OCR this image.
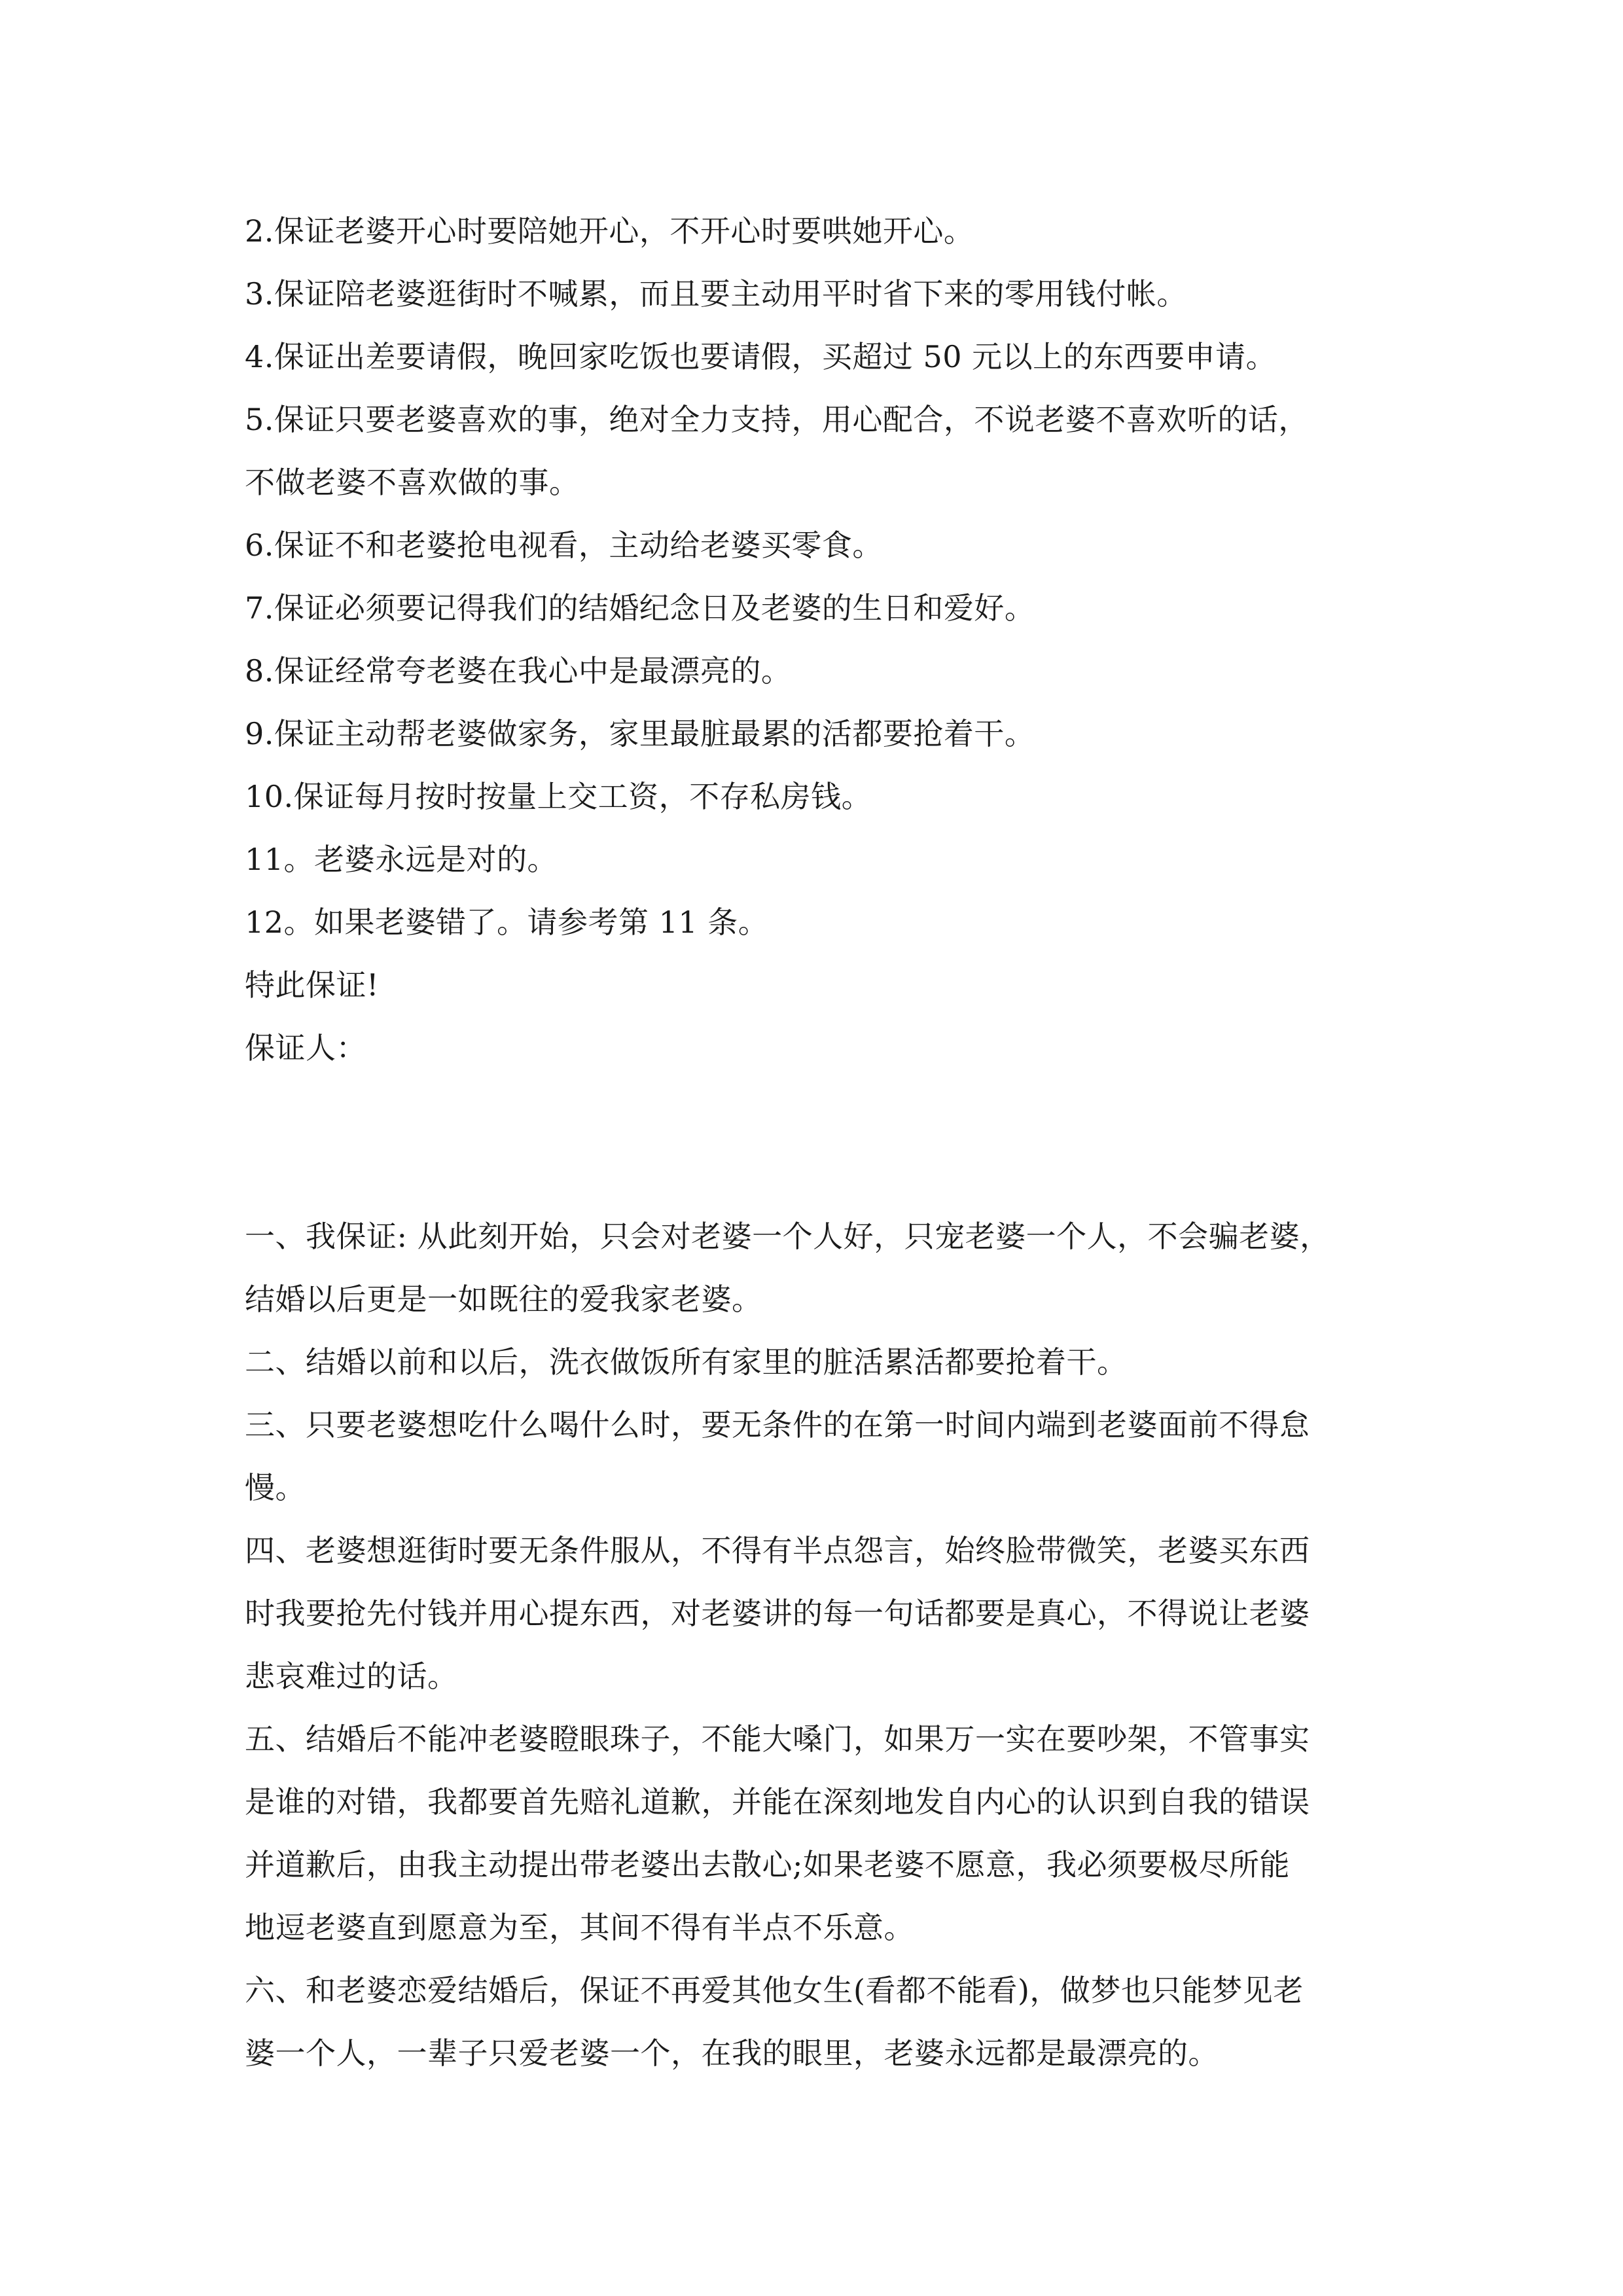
2.保证老婆开心时要陪她开心，不开心时要哄她开心。
3.保证陪老婆逛街时不喊累，而且要主动用平时省下来的零用钱付帐。
4.保证出差要请假，晚回家吃饭也要请假，买超过 50 元以上的东西要申请。
5.保证只要老婆喜欢的事，绝对全力支持，用心配合，不说老婆不喜欢听的话，
不做老婆不喜欢做的事。
6.保证不和老婆抢电视看，主动给老婆买零食。
7.保证必须要记得我们的结婚纪念日及老婆的生日和爱好。
8.保证经常夸老婆在我心中是最漂亮的。
9.保证主动帮老婆做家务，家里最脏最累的活都要抢着干。
10.保证每月按时按量上交工资，不存私房钱。
11。老婆永远是对的。
12。如果老婆错了。请参考第 11 条。
特此保证!
保证人：
一、我保证: 从此刻开始，只会对老婆一个人好，只宠老婆一个人，不会骗老婆，
结婚以后更是一如既往的爱我家老婆。
二、结婚以前和以后，洗衣做饭所有家里的脏活累活都要抢着干。
三、只要老婆想吃什么喝什么时，要无条件的在第一时间内端到老婆面前不得怠
慢。
四、老婆想逛街时要无条件服从，不得有半点怨言，始终脸带微笑，老婆买东西
时我要抢先付钱并用心提东西，对老婆讲的每一句话都要是真心，不得说让老婆
悲哀难过的话。
五、结婚后不能冲老婆瞪眼珠子，不能大嗓门，如果万一实在要吵架，不管事实
是谁的对错，我都要首先赔礼道歉，并能在深刻地发自内心的认识到自我的错误
并道歉后，由我主动提出带老婆出去散心;如果老婆不愿意，我必须要极尽所能
地逗老婆直到愿意为至，其间不得有半点不乐意。
六、和老婆恋爱结婚后，保证不再爱其他女生(看都不能看)，做梦也只能梦见老
婆一个人，一辈子只爱老婆一个，在我的眼里，老婆永远都是最漂亮的。
